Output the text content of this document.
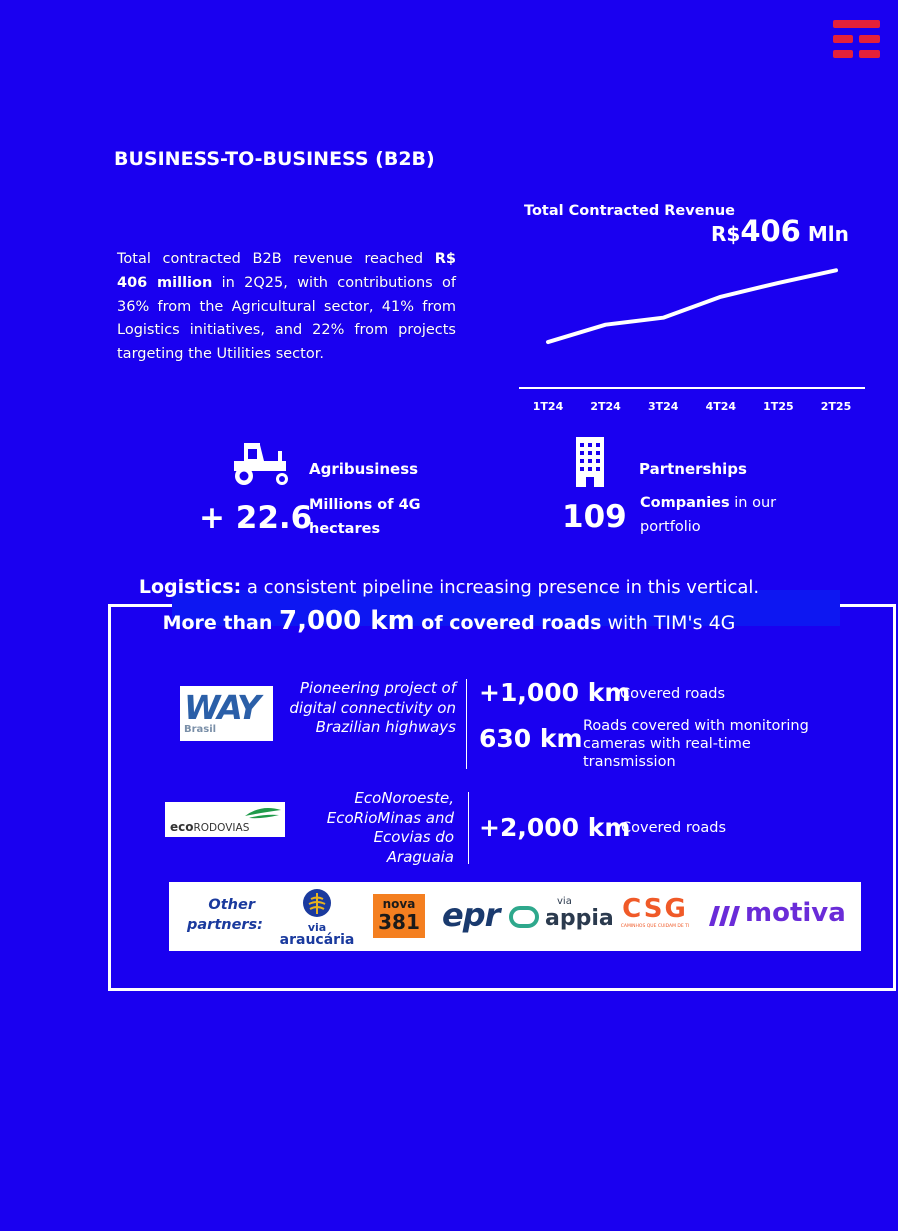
BUSINESS-TO-BUSINESS (B2B)
Total contracted B2B revenue reached R$ 406 million in 2Q25, with contributions of 36% from the Agricultural sector, 41% from Logistics initiatives, and 22% from projects targeting the Utilities sector.
Total Contracted Revenue
R$406 Mln
1T24 2T24 3T24 4T24 1T25 2T25
Agribusiness
+ 22.6
Millions of 4G
hectares
Partnerships
109 Companies in our
portfolio
Logistics: a consistent pipeline increasing presence in this vertical.
More than 7,000 km of covered roads with TIM's 4G
WAY
Brasil
Pioneering project of
digital connectivity on
Brazilian highways
+1,000 km
Covered roads
630 km Roads covered with monitoring
cameras with real-time
transmission
ecoRODOVIAS
EcoNoroeste,
EcoRioMinas and
Ecovias do
Araguaia
+2,000 km
Covered roads
Other
partners:	via
araucária
nova
381 epr	via
appia CSG
CAMINHOS QUE CUIDAM DE TI motiva
